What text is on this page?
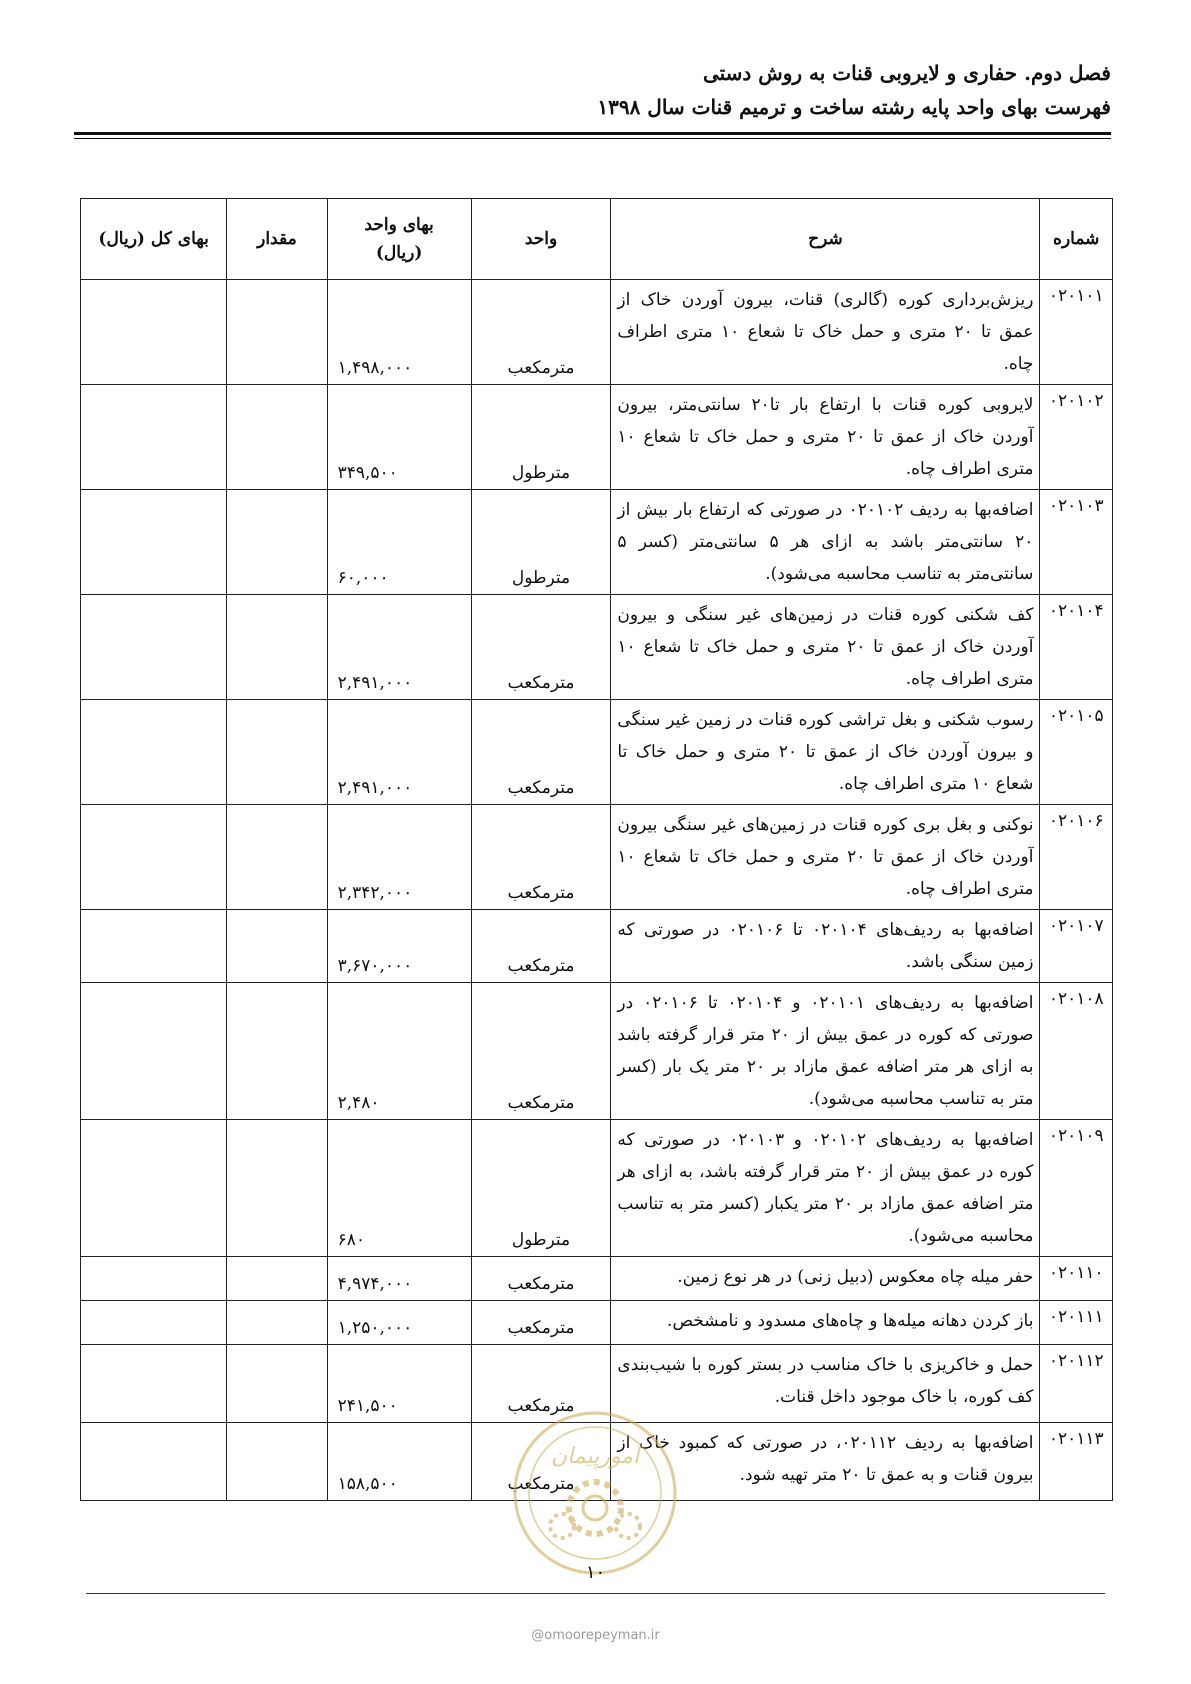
فصل دوم. حفاری و لایروبی قنات به روش دستی
فهرست بهای واحد پایه رشته ساخت و ترمیم قنات سال ۱۳۹۸
شماره	شرح	واحد	بهای واحد (ریال)	مقدار	بهای کل (ریال)
۰۲۰۱۰۱	ریزش‌برداری کوره (گالری) قنات، بیرون آوردن خاک از عمق تا ۲۰ متری و حمل خاک تا شعاع ۱۰ متری اطراف چاه.	مترمکعب	۱,۴۹۸,۰۰۰		
۰۲۰۱۰۲	لایروبی کوره قنات با ارتفاع بار تا۲۰ سانتی‌متر، بیرون آوردن خاک از عمق تا ۲۰ متری و حمل خاک تا شعاع ۱۰ متری اطراف چاه.	مترطول	۳۴۹,۵۰۰		
۰۲۰۱۰۳	اضافه‌بها به ردیف ۰۲۰۱۰۲ در صورتی که ارتفاع بار بیش از ۲۰ سانتی‌متر باشد به ازای هر ۵ سانتی‌متر (کسر ۵ سانتی‌متر به تناسب محاسبه می‌شود).	مترطول	۶۰,۰۰۰		
۰۲۰۱۰۴	کف شکنی کوره قنات در زمین‌های غیر سنگی و بیرون آوردن خاک از عمق تا ۲۰ متری و حمل خاک تا شعاع ۱۰ متری اطراف چاه.	مترمکعب	۲,۴۹۱,۰۰۰		
۰۲۰۱۰۵	رسوب شکنی و بغل تراشی کوره قنات در زمین غیر سنگی و بیرون آوردن خاک از عمق تا ۲۰ متری و حمل خاک تا شعاع ۱۰ متری اطراف چاه.	مترمکعب	۲,۴۹۱,۰۰۰		
۰۲۰۱۰۶	نوکنی و بغل بری کوره قنات در زمین‌های غیر سنگی بیرون آوردن خاک از عمق تا ۲۰ متری و حمل خاک تا شعاع ۱۰ متری اطراف چاه.	مترمکعب	۲,۳۴۲,۰۰۰		
۰۲۰۱۰۷	اضافه‌بها به ردیف‌های ۰۲۰۱۰۴ تا ۰۲۰۱۰۶ در صورتی که زمین سنگی باشد.	مترمکعب	۳,۶۷۰,۰۰۰		
۰۲۰۱۰۸	اضافه‌بها به ردیف‌های ۰۲۰۱۰۱ و ۰۲۰۱۰۴ تا ۰۲۰۱۰۶ در صورتی که کوره در عمق بیش از ۲۰ متر قرار گرفته باشد به ازای هر متر اضافه عمق مازاد بر ۲۰ متر یک بار (کسر متر به تناسب محاسبه می‌شود).	مترمکعب	۲,۴۸۰		
۰۲۰۱۰۹	اضافه‌بها به ردیف‌های ۰۲۰۱۰۲ و ۰۲۰۱۰۳ در صورتی که کوره در عمق بیش از ۲۰ متر قرار گرفته باشد، به ازای هر متر اضافه عمق مازاد بر ۲۰ متر یکبار (کسر متر به تناسب محاسبه می‌شود).	مترطول	۶۸۰		
۰۲۰۱۱۰	حفر میله چاه معکوس (دبیل زنی) در هر نوع زمین.	مترمکعب	۴,۹۷۴,۰۰۰		
۰۲۰۱۱۱	باز کردن دهانه میله‌ها و چاه‌های مسدود و نامشخص.	مترمکعب	۱,۲۵۰,۰۰۰		
۰۲۰۱۱۲	حمل و خاکریزی با خاک مناسب در بستر کوره با شیب‌بندی کف کوره، با خاک موجود داخل قنات.	مترمکعب	۲۴۱,۵۰۰		
۰۲۰۱۱۳	اضافه‌بها به ردیف ۰۲۰۱۱۲، در صورتی که کمبود خاک از بیرون قنات و به عمق تا ۲۰ متر تهیه شود.	مترمکعب	۱۵۸,۵۰۰		
امورپیمان
۱۰
@omoorepeyman.ir
